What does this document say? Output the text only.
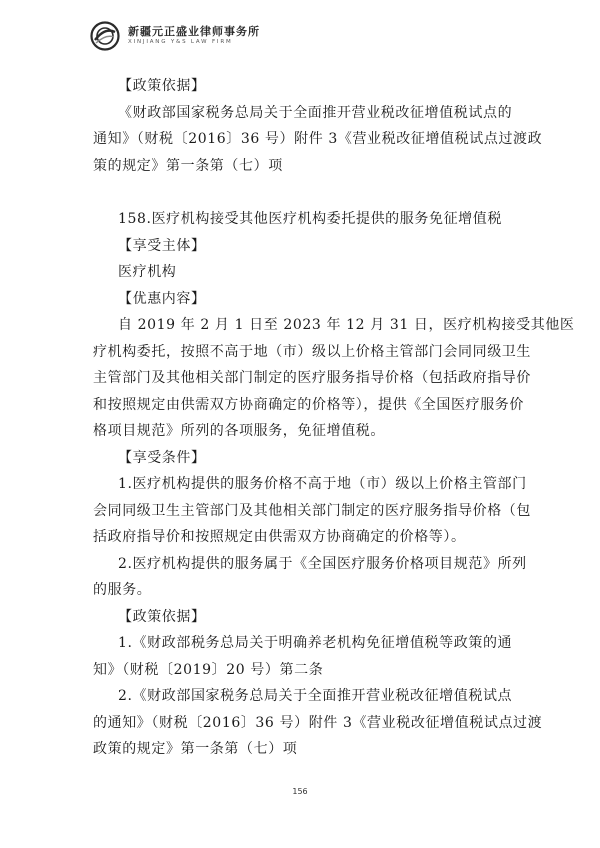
新疆元正盛业律师事务所
XINJIANG Y&S LAW FIRM
【政策依据】
《财政部国家税务总局关于全面推开营业税改征增值税试点的
通知》（财税〔2016〕36 号）附件 3《营业税改征增值税试点过渡政
策的规定》第一条第（七）项
158.医疗机构接受其他医疗机构委托提供的服务免征增值税
【享受主体】
医疗机构
【优惠内容】
自 2019 年 2 月 1 日至 2023 年 12 月 31 日，医疗机构接受其他医
疗机构委托，按照不高于地（市）级以上价格主管部门会同同级卫生
主管部门及其他相关部门制定的医疗服务指导价格（包括政府指导价
和按照规定由供需双方协商确定的价格等），提供《全国医疗服务价
格项目规范》所列的各项服务，免征增值税。
【享受条件】
1.医疗机构提供的服务价格不高于地（市）级以上价格主管部门
会同同级卫生主管部门及其他相关部门制定的医疗服务指导价格（包
括政府指导价和按照规定由供需双方协商确定的价格等）。
2.医疗机构提供的服务属于《全国医疗服务价格项目规范》所列
的服务。
【政策依据】
1.《财政部税务总局关于明确养老机构免征增值税等政策的通
知》（财税〔2019〕20 号）第二条
2.《财政部国家税务总局关于全面推开营业税改征增值税试点
的通知》（财税〔2016〕36 号）附件 3《营业税改征增值税试点过渡
政策的规定》第一条第（七）项
156
